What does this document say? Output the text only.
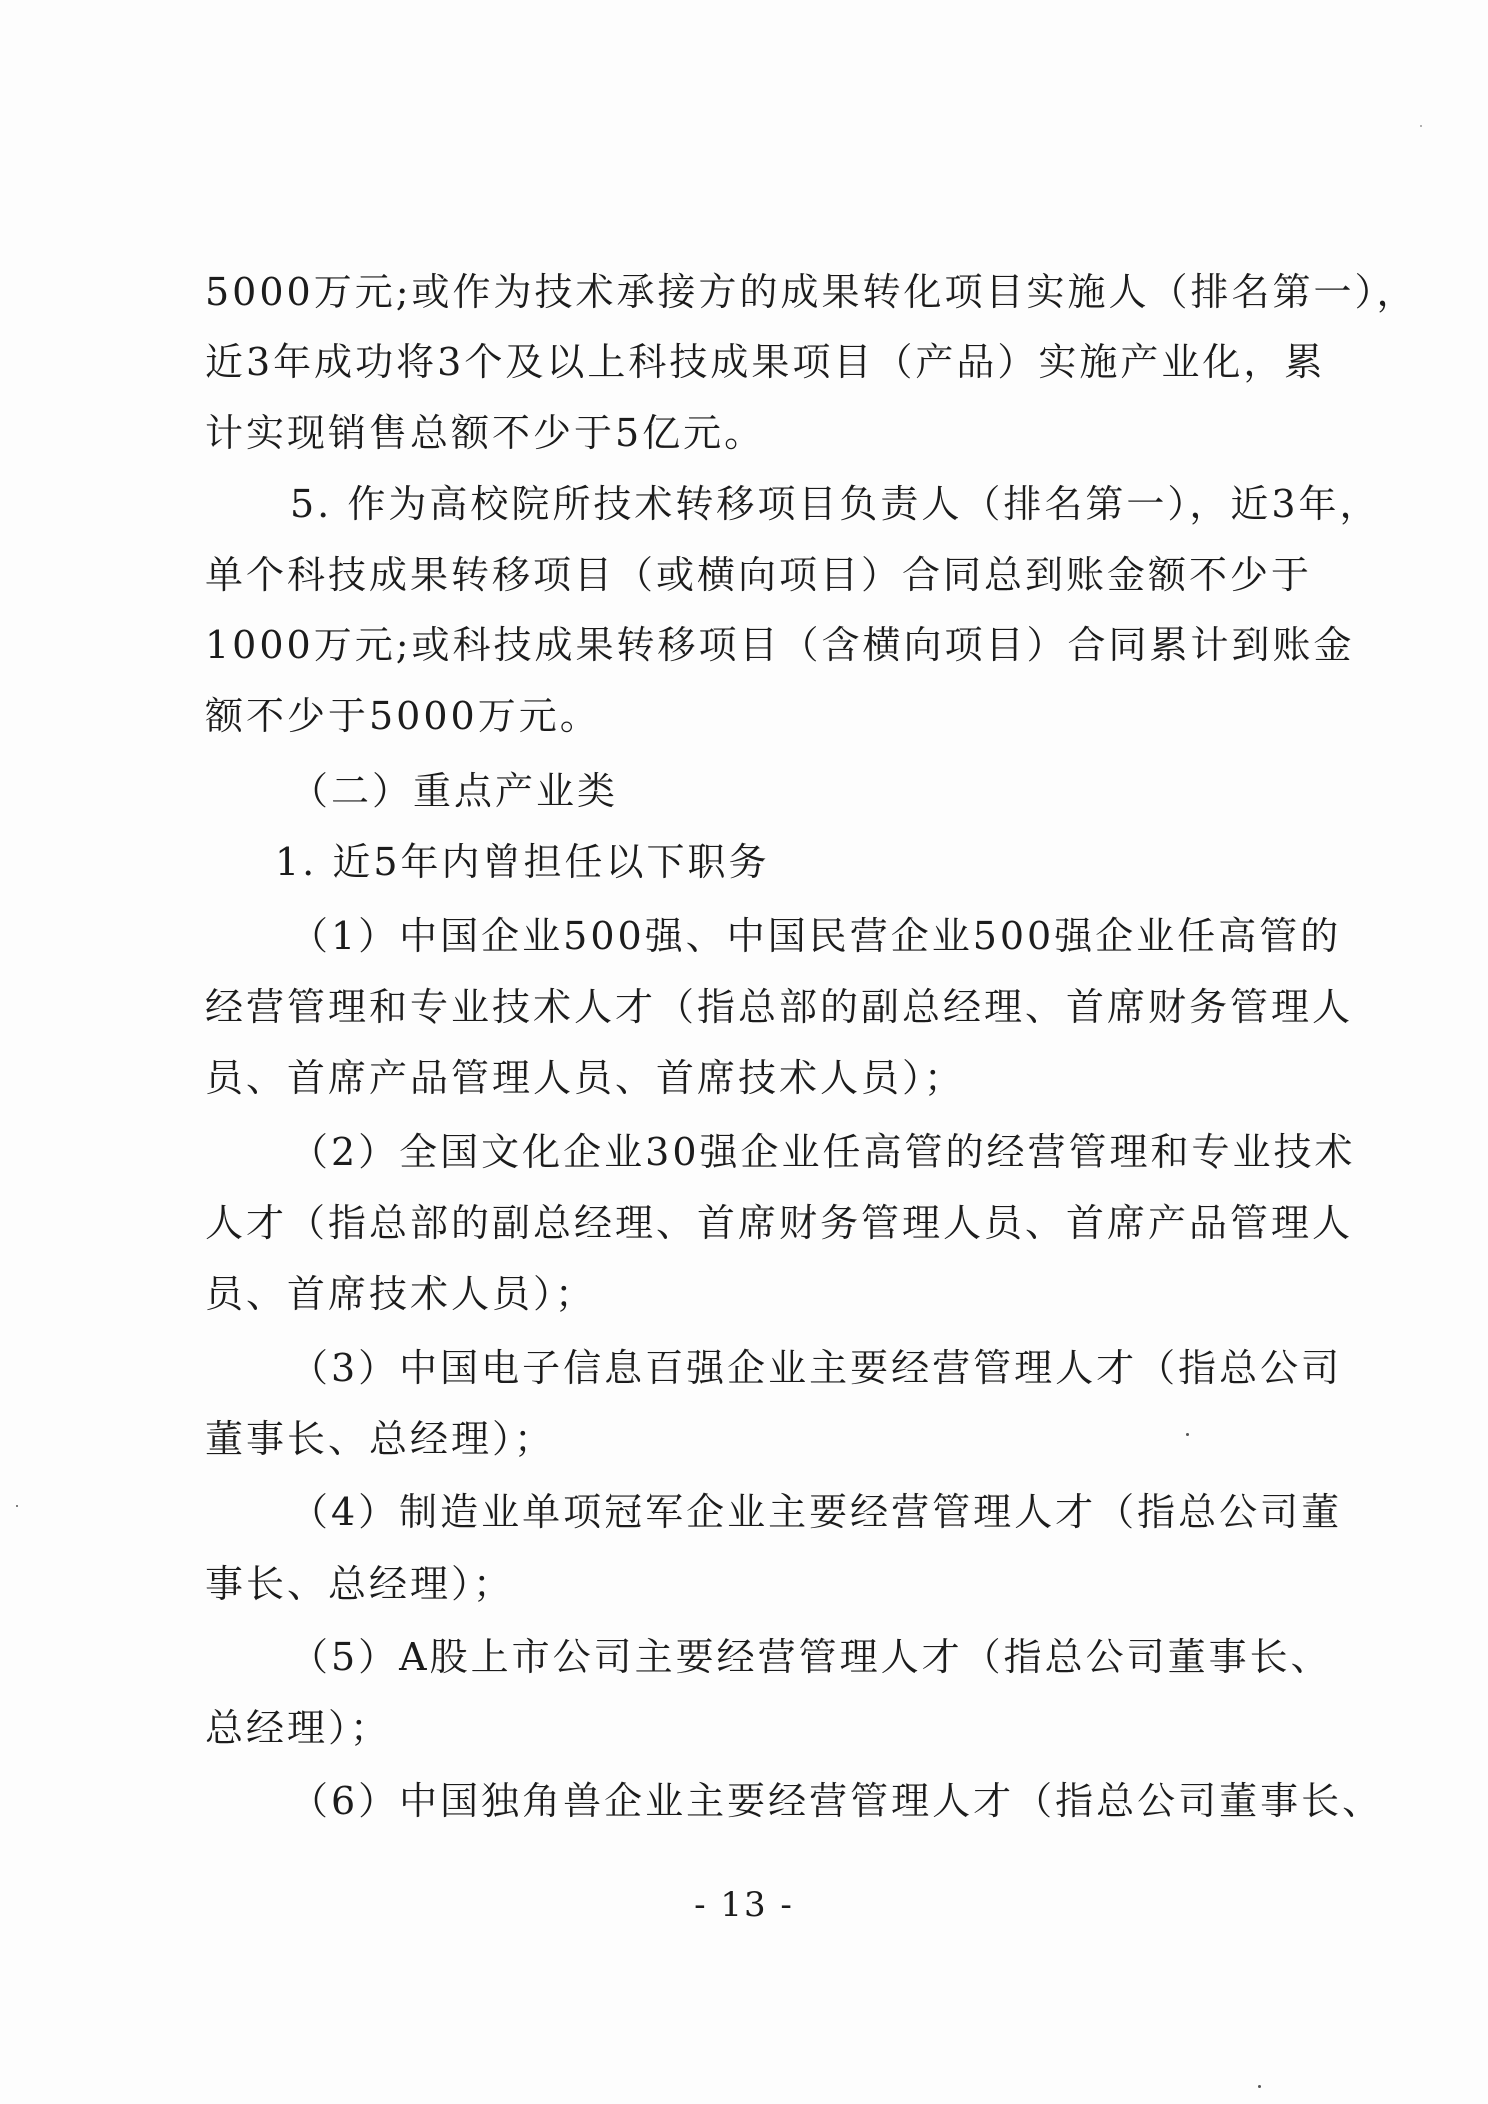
5000万元;或作为技术承接方的成果转化项目实施人（排名第一），
近3年成功将3个及以上科技成果项目（产品）实施产业化，累
计实现销售总额不少于5亿元。
5. 作为高校院所技术转移项目负责人（排名第一），近3年，
单个科技成果转移项目（或横向项目）合同总到账金额不少于
1000万元;或科技成果转移项目（含横向项目）合同累计到账金
额不少于5000万元。
（二）重点产业类
1. 近5年内曾担任以下职务
（1）中国企业500强、中国民营企业500强企业任高管的
经营管理和专业技术人才（指总部的副总经理、首席财务管理人
员、首席产品管理人员、首席技术人员）；
（2）全国文化企业30强企业任高管的经营管理和专业技术
人才（指总部的副总经理、首席财务管理人员、首席产品管理人
员、首席技术人员）；
（3）中国电子信息百强企业主要经营管理人才（指总公司
董事长、总经理）；
（4）制造业单项冠军企业主要经营管理人才（指总公司董
事长、总经理）；
（5）A股上市公司主要经营管理人才（指总公司董事长、
总经理）；
（6）中国独角兽企业主要经营管理人才（指总公司董事长、
- 13 -
